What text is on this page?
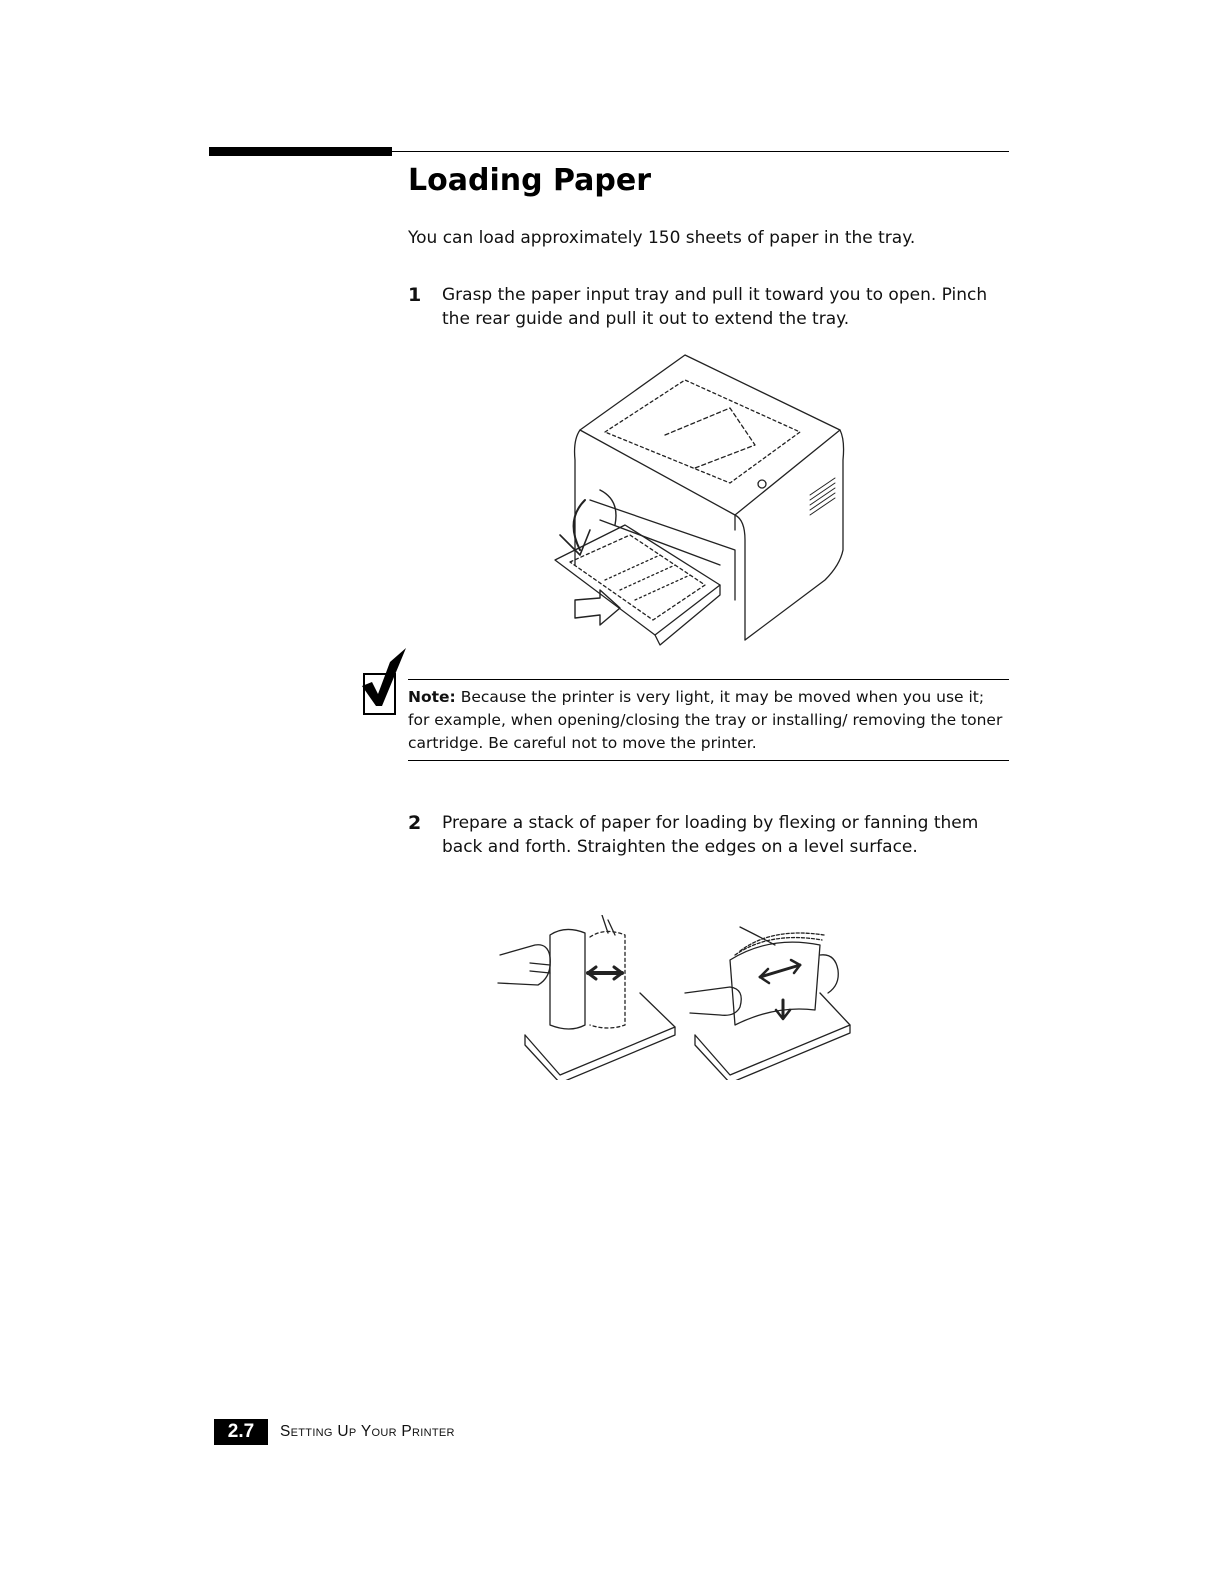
Loading Paper

You can load approximately 150 sheets of paper in the tray.

1 Grasp the paper input tray and pull it toward you to open. Pinch the rear guide and pull it out to extend the tray.

Note: Because the printer is very light, it may be moved when you use it; for example, when opening/closing the tray or installing/ removing the toner cartridge. Be careful not to move the printer.

2 Prepare a stack of paper for loading by flexing or fanning them back and forth. Straighten the edges on a level surface.
2.7	Setting Up Your Printer
